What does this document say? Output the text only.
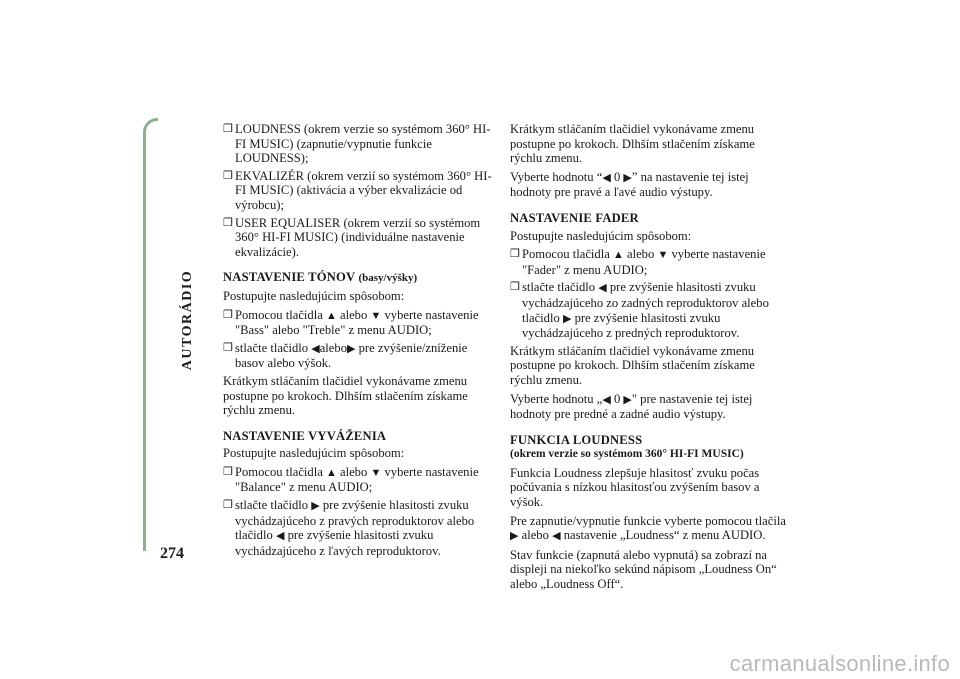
AUTORÁDIO
274
❒ LOUDNESS (okrem verzie so systémom 360° HI-FI MUSIC) (zapnutie/vypnutie funkcie LOUDNESS);
❒ EKVALIZÉR (okrem verzií so systémom 360° HI-FI MUSIC) (aktivácia a výber ekvalizácie od výrobcu);
❒ USER EQUALISER (okrem verzií so systémom 360° HI-FI MUSIC) (individuálne nastavenie ekvalizácie).
NASTAVENIE TÓNOV (basy/výšky)
Postupujte nasledujúcim spôsobom:
❒ Pomocou tlačidla ▲ alebo ▼ vyberte nastavenie "Bass" alebo "Treble" z menu AUDIO;
❒ stlačte tlačidlo ◀alebo▶ pre zvýšenie/zníženie basov alebo výšok.
Krátkym stláčaním tlačidiel vykonávame zmenu postupne po krokoch. Dlhším stlačením získame rýchlu zmenu.
NASTAVENIE VYVÁŽENIA
Postupujte nasledujúcim spôsobom:
❒ Pomocou tlačidla ▲ alebo ▼ vyberte nastavenie "Balance" z menu AUDIO;
❒ stlačte tlačidlo ▶ pre zvýšenie hlasitosti zvuku vychádzajúceho z pravých reproduktorov alebo tlačidlo ◀ pre zvýšenie hlasitosti zvuku vychádzajúceho z ľavých reproduktorov.
Krátkym stláčaním tlačidiel vykonávame zmenu postupne po krokoch. Dlhším stlačením získame rýchlu zmenu.
Vyberte hodnotu “◀ 0 ▶” na nastavenie tej istej hodnoty pre pravé a ľavé audio výstupy.
NASTAVENIE FADER
Postupujte nasledujúcim spôsobom:
❒ Pomocou tlačidla ▲ alebo ▼ vyberte nastavenie "Fader" z menu AUDIO;
❒ stlačte tlačidlo ◀ pre zvýšenie hlasitosti zvuku vychádzajúceho zo zadných reproduktorov alebo tlačidlo ▶ pre zvýšenie hlasitosti zvuku vychádzajúceho z predných reproduktorov.
Krátkym stláčaním tlačidiel vykonávame zmenu postupne po krokoch. Dlhším stlačením získame rýchlu zmenu.
Vyberte hodnotu „◀ 0 ▶" pre nastavenie tej istej hodnoty pre predné a zadné audio výstupy.
FUNKCIA LOUDNESS
(okrem verzie so systémom 360° HI-FI MUSIC)
Funkcia Loudness zlepšuje hlasitosť zvuku počas počúvania s nízkou hlasitosťou zvýšením basov a výšok.
Pre zapnutie/vypnutie funkcie vyberte pomocou tlačila ▶ alebo ◀ nastavenie „Loudness“ z menu AUDIO.
Stav funkcie (zapnutá alebo vypnutá) sa zobrazí na displeji na niekoľko sekúnd nápisom „Loudness On“ alebo „Loudness Off“.
carmanualsonline.info
